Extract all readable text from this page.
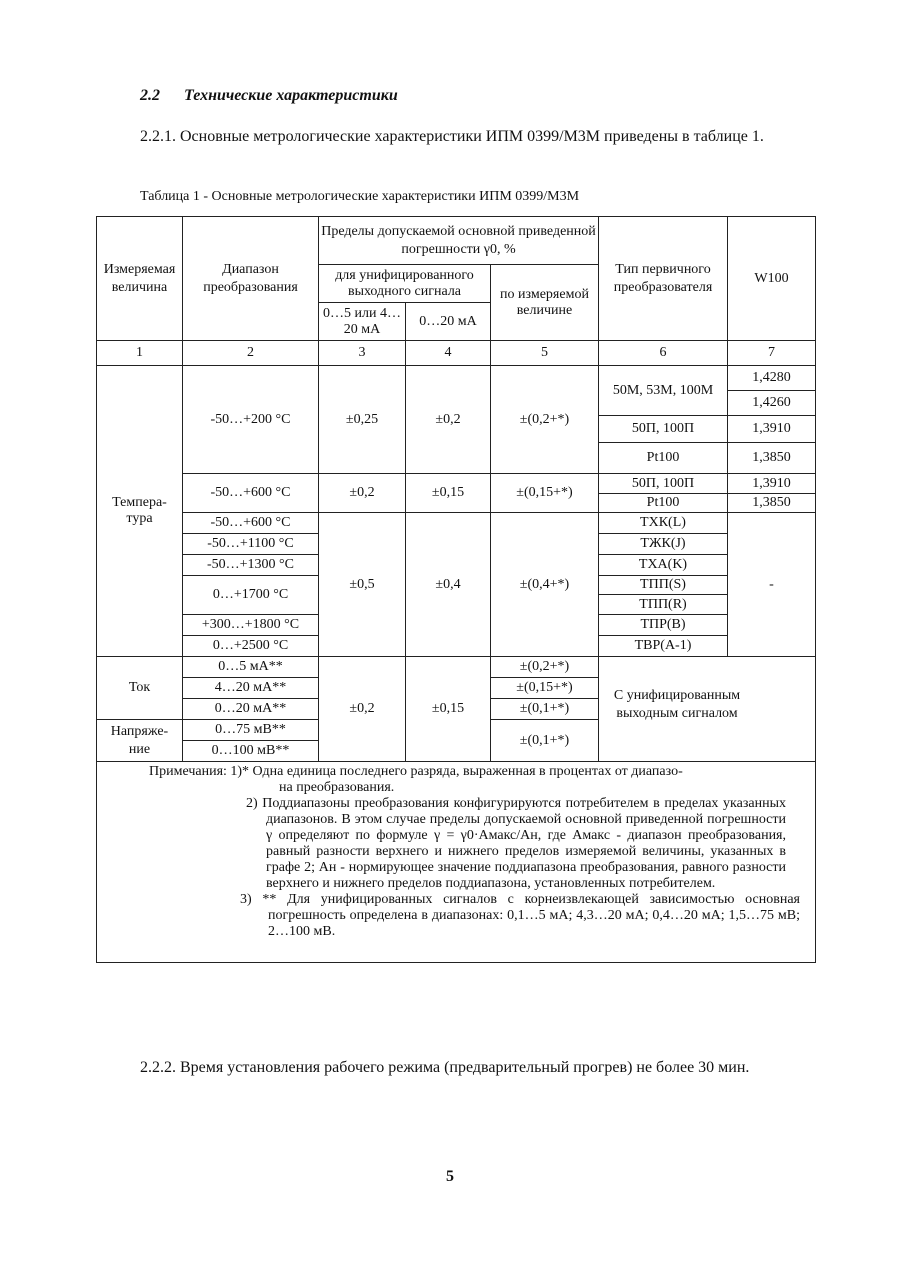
2.2 Технические характеристики
2.2.1. Основные метрологические характеристики ИПМ 0399/М3М приведены в таблице 1.
Таблица 1 - Основные метрологические характеристики ИПМ 0399/М3М
Измеряемая величина	Диапазон преобразования	Пределы допускаемой основной приведенной погрешности γ0, %			Тип первичного преобразователя	W100
		для унифицированного выходного сигнала		по измеряемой величине		
		0…5 или 4…20 мА	0…20 мА			
1	2	3	4	5	6	7
Темпера-тура	-50…+200 °С	±0,25	±0,2	±(0,2+*)	50М, 53М, 100М	1,4280
						1,4260
					50П, 100П	1,3910
					Pt100	1,3850
	-50…+600 °С	±0,2	±0,15	±(0,15+*)	50П, 100П	1,3910
					Pt100	1,3850
	-50…+600 °С	±0,5	±0,4	±(0,4+*)	ТХК(L)	-
	-50…+1100 °С				ТЖК(J)	
	-50…+1300 °С				ТХА(K)	
	0…+1700 °С				ТПП(S)	
					ТПП(R)	
	+300…+1800 °С				ТПР(B)	
	0…+2500 °С				ТВР(А-1)	
Ток	0…5 мА**	±0,2	±0,15	±(0,2+*)	С унифицированным выходным сигналом	
	4…20 мА**			±(0,15+*)		
	0…20 мА**			±(0,1+*)		
Напряже-ние	0…75 мВ**			±(0,1+*)		
	0…100 мВ**					

Примечания: 1)* Одна единица последнего разряда, выраженная в процентах от диапазо-
на преобразования.
2) Поддиапазоны преобразования конфигурируются потребителем в пределах указанных диапазонов. В этом случае пределы допускаемой основной приведенной погрешности γ определяют по формуле γ = γ0·Амакс/Ан, где Амакс - диапазон преобразования, равный разности верхнего и нижнего пределов измеряемой величины, указанных в графе 2; Ан - нормирующее значение поддиапазона преобразования, равного разности верхнего и нижнего пределов поддиапазона, установленных потребителем.
3) ** Для унифицированных сигналов с корнеизвлекающей зависимостью основная погрешность определена в диапазонах: 0,1…5 мА; 4,3…20 мА; 0,4…20 мА; 1,5…75 мВ; 2…100 мВ.						
2.2.2. Время установления рабочего режима (предварительный прогрев) не более 30 мин.
5
